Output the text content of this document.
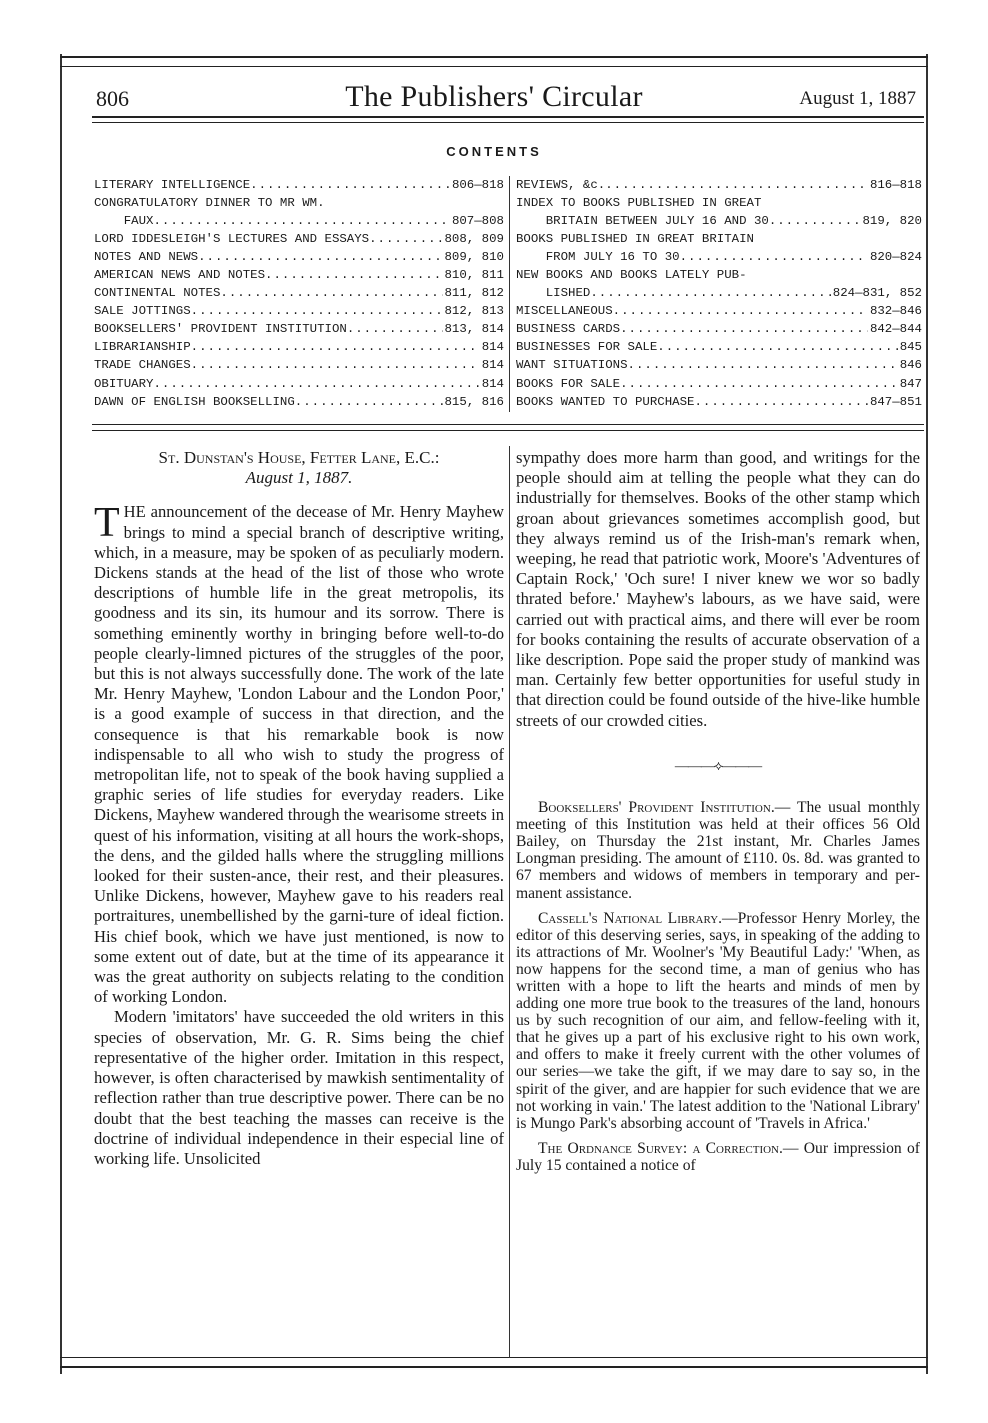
806	The Publishers' Circular	August 1, 1887
CONTENTS
LITERARY INTELLIGENCE .....	806—818
CONGRATULATORY DINNER TO MR WM.
FAUX .....	807—808
LORD IDDESLEIGH'S LECTURES AND ESSAYS .....	808, 809
NOTES AND NEWS .....	809, 810
AMERICAN NEWS AND NOTES .....	810, 811
CONTINENTAL NOTES .....	811, 812
SALE JOTTINGS .....	812, 813
BOOKSELLERS' PROVIDENT INSTITUTION .....	813, 814
LIBRARIANSHIP .....	814
TRADE CHANGES .....	814
OBITUARY .....	814
DAWN OF ENGLISH BOOKSELLING .....	815, 816
REVIEWS, &c. .....	816—818
INDEX TO BOOKS PUBLISHED IN GREAT
BRITAIN BETWEEN JULY 16 AND 30 .....	819, 820
BOOKS PUBLISHED IN GREAT BRITAIN
FROM JULY 16 TO 30 .....	820—824
NEW BOOKS AND BOOKS LATELY PUB-
LISHED .....	824—831, 852
MISCELLANEOUS .....	832—846
BUSINESS CARDS .....	842—844
BUSINESSES FOR SALE .....	845
WANT SITUATIONS .....	846
BOOKS FOR SALE .....	847
BOOKS WANTED TO PURCHASE .....	847—851
St. Dunstan's House, Fetter Lane, E.C.:
August 1, 1887.

THE announcement of the decease of Mr. Henry Mayhew brings to mind a special branch of descriptive writing, which, in a measure, may be spoken of as peculiarly modern. Dickens stands at the head of the list of those who wrote descriptions of humble life in the great metropolis, its goodness and its sin, its humour and its sorrow. There is something eminently worthy in bringing before well-to-do people clearly-limned pictures of the struggles of the poor, but this is not always successfully done. The work of the late Mr. Henry Mayhew, 'London Labour and the London Poor,' is a good example of success in that direction, and the consequence is that his remarkable book is now indispensable to all who wish to study the progress of metropolitan life, not to speak of the book having supplied a graphic series of life studies for everyday readers. Like Dickens, Mayhew wandered through the wearisome streets in quest of his information, visiting at all hours the work-shops, the dens, and the gilded halls where the struggling millions looked for their susten-ance, their rest, and their pleasures. Unlike Dickens, however, Mayhew gave to his readers real portraitures, unembellished by the garni-ture of ideal fiction. His chief book, which we have just mentioned, is now to some extent out of date, but at the time of its appearance it was the great authority on subjects relating to the condition of working London.

Modern 'imitators' have succeeded the old writers in this species of observation, Mr. G. R. Sims being the chief representative of the higher order. Imitation in this respect, however, is often characterised by mawkish sentimentality of reflection rather than true descriptive power. There can be no doubt that the best teaching the masses can receive is the doctrine of individual independence in their especial line of working life. Unsolicited

sympathy does more harm than good, and writings for the people should aim at telling the people what they can do industrially for themselves. Books of the other stamp which groan about grievances sometimes accomplish good, but they always remind us of the Irish-man's remark when, weeping, he read that patriotic work, Moore's 'Adventures of Captain Rock,' 'Och sure! I niver knew we wor so badly thrated before.' Mayhew's labours, as we have said, were carried out with practical aims, and there will ever be room for books containing the results of accurate observation of a like description. Pope said the proper study of mankind was man. Certainly few better opportunities for useful study in that direction could be found outside of the hive-like humble streets of our crowded cities.

———⟡———

Booksellers' Provident Institution.— The usual monthly meeting of this Institution was held at their offices 56 Old Bailey, on Thursday the 21st instant, Mr. Charles James Longman presiding. The amount of £110. 0s. 8d. was granted to 67 members and widows of members in temporary and per-manent assistance.

Cassell's National Library.—Professor Henry Morley, the editor of this deserving series, says, in speaking of the adding to its attractions of Mr. Woolner's 'My Beautiful Lady:' 'When, as now happens for the second time, a man of genius who has written with a hope to lift the hearts and minds of men by adding one more true book to the treasures of the land, honours us by such recognition of our aim, and fellow-feeling with it, that he gives up a part of his exclusive right to his own work, and offers to make it freely current with the other volumes of our series—we take the gift, if we may dare to say so, in the spirit of the giver, and are happier for such evidence that we are not working in vain.' The latest addition to the 'National Library' is Mungo Park's absorbing account of 'Travels in Africa.'

The Ordnance Survey: a Correction.— Our impression of July 15 contained a notice of
